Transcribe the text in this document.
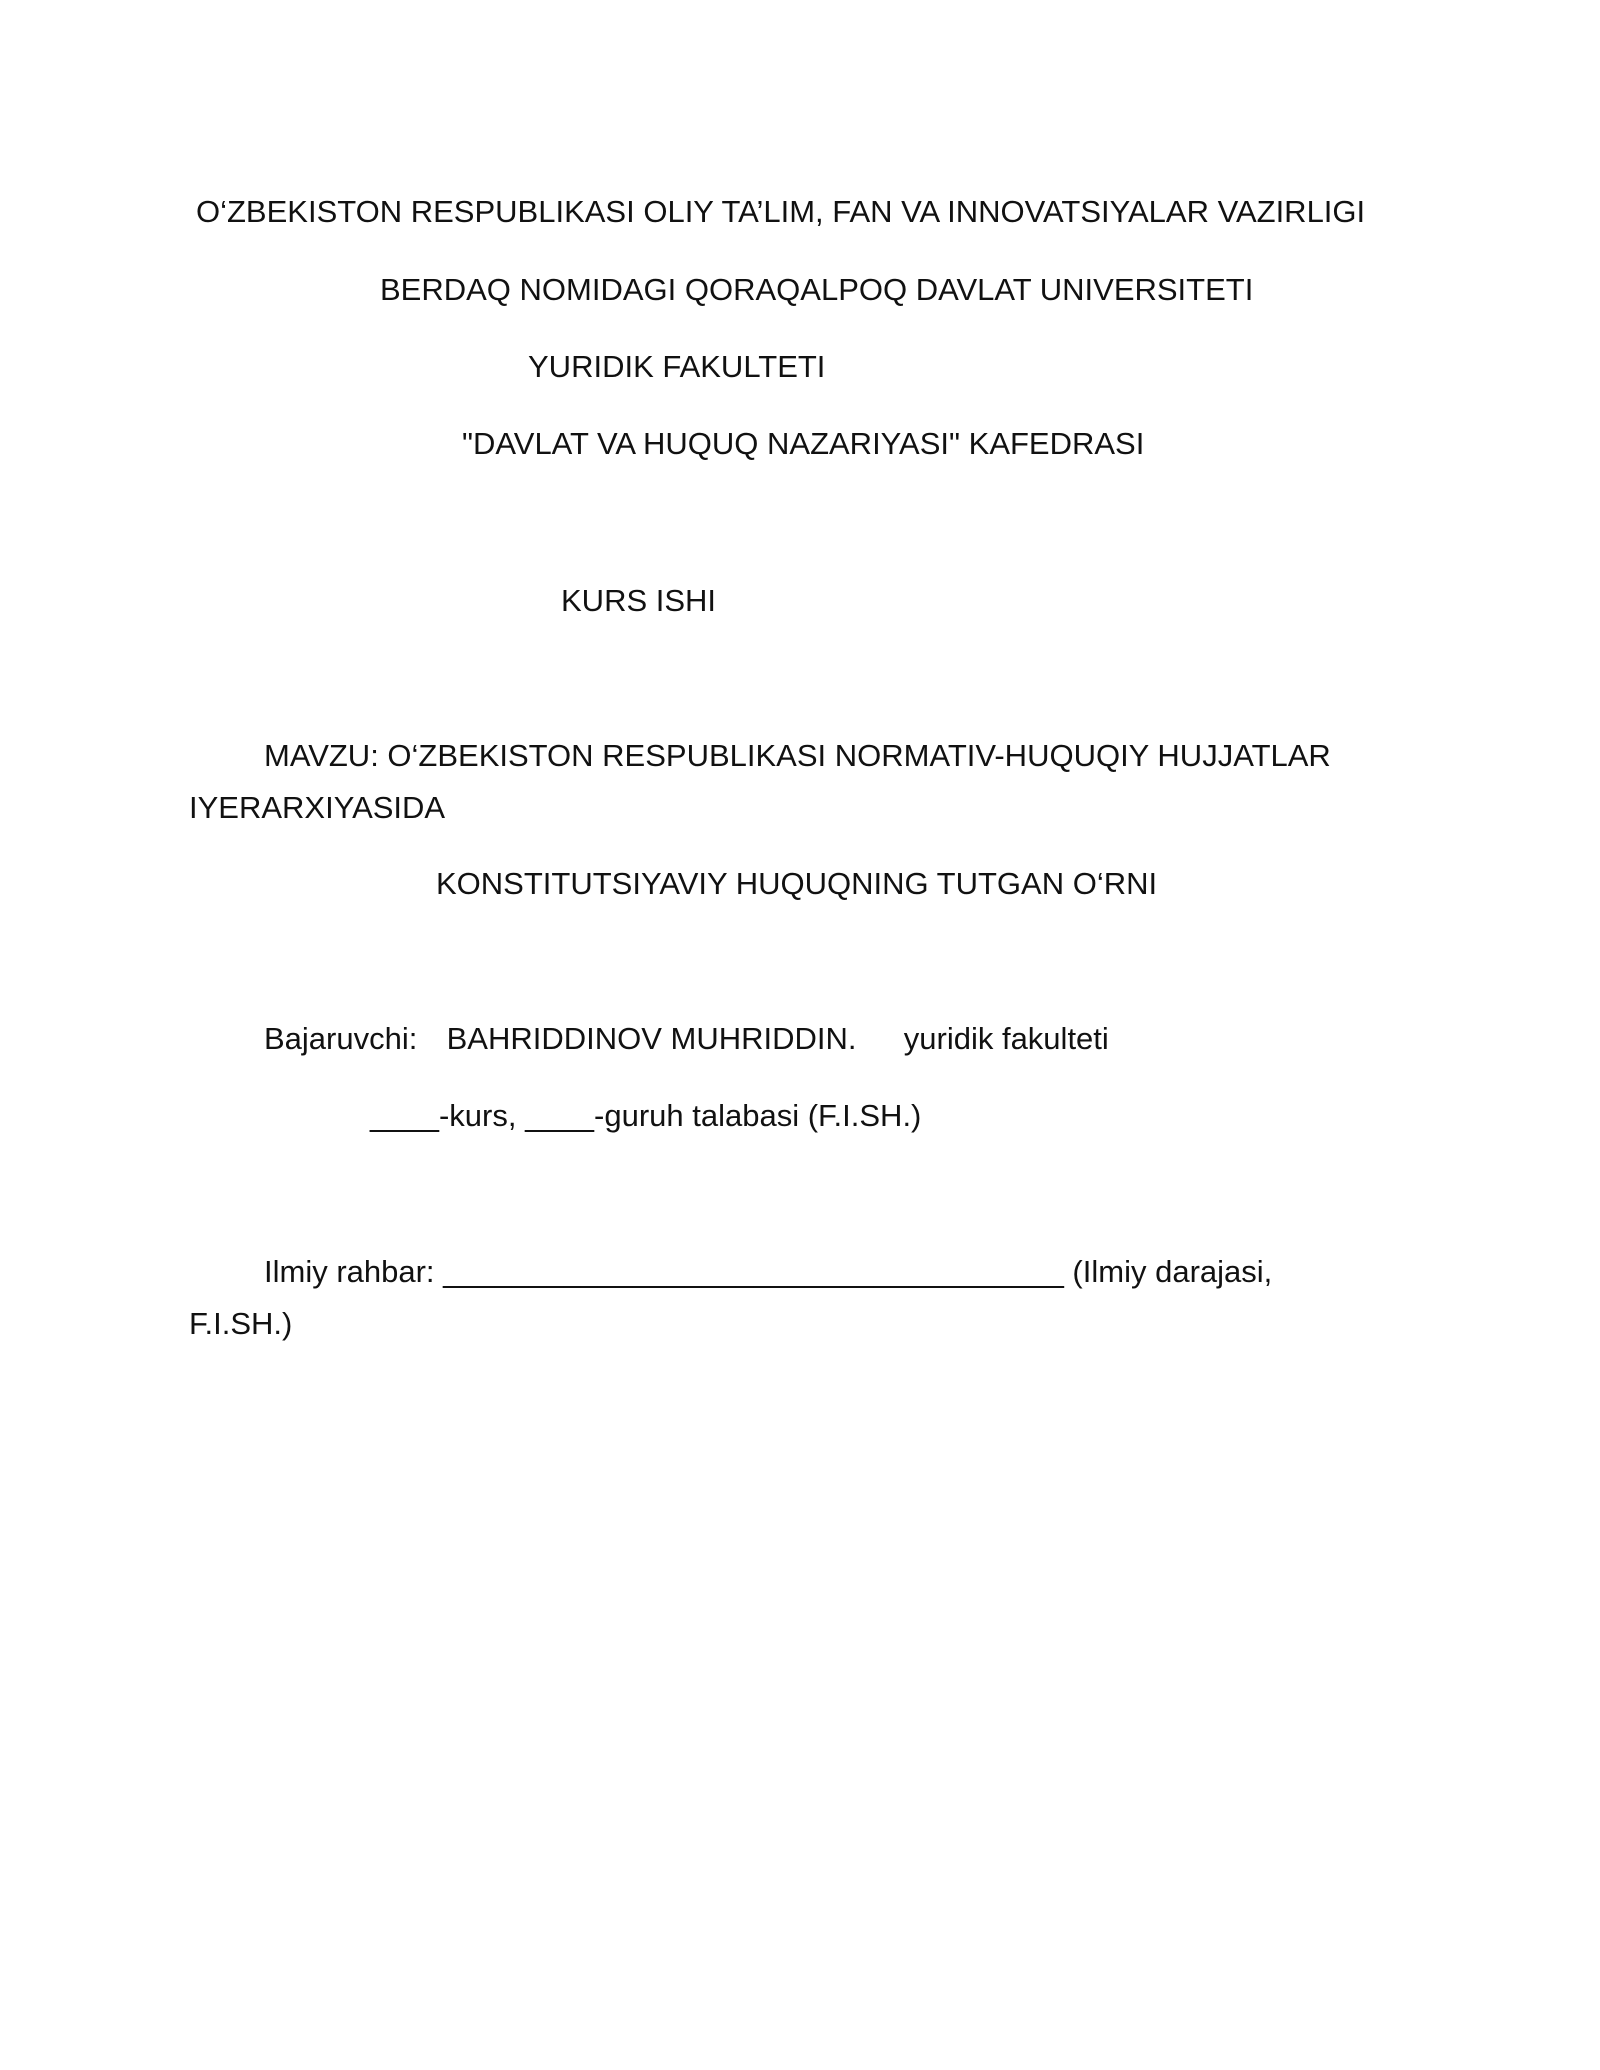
O‘ZBEKISTON RESPUBLIKASI OLIY TA’LIM, FAN VA INNOVATSIYALAR VAZIRLIGI
BERDAQ NOMIDAGI QORAQALPOQ DAVLAT UNIVERSITETI
YURIDIK FAKULTETI
"DAVLAT VA HUQUQ NAZARIYASI" KAFEDRASI
KURS ISHI
MAVZU: O‘ZBEKISTON RESPUBLIKASI NORMATIV-HUQUQIY HUJJATLAR
IYERARXIYASIDA
KONSTITUTSIYAVIY HUQUQNING TUTGAN O‘RNI
Bajaruvchi: BAHRIDDINOV MUHRIDDIN. yuridik fakulteti
____-kurs, ____-guruh talabasi (F.I.S​H.)
Ilmiy rahbar: ____________________________________ (Ilmiy darajasi,
F.I.SH.)
